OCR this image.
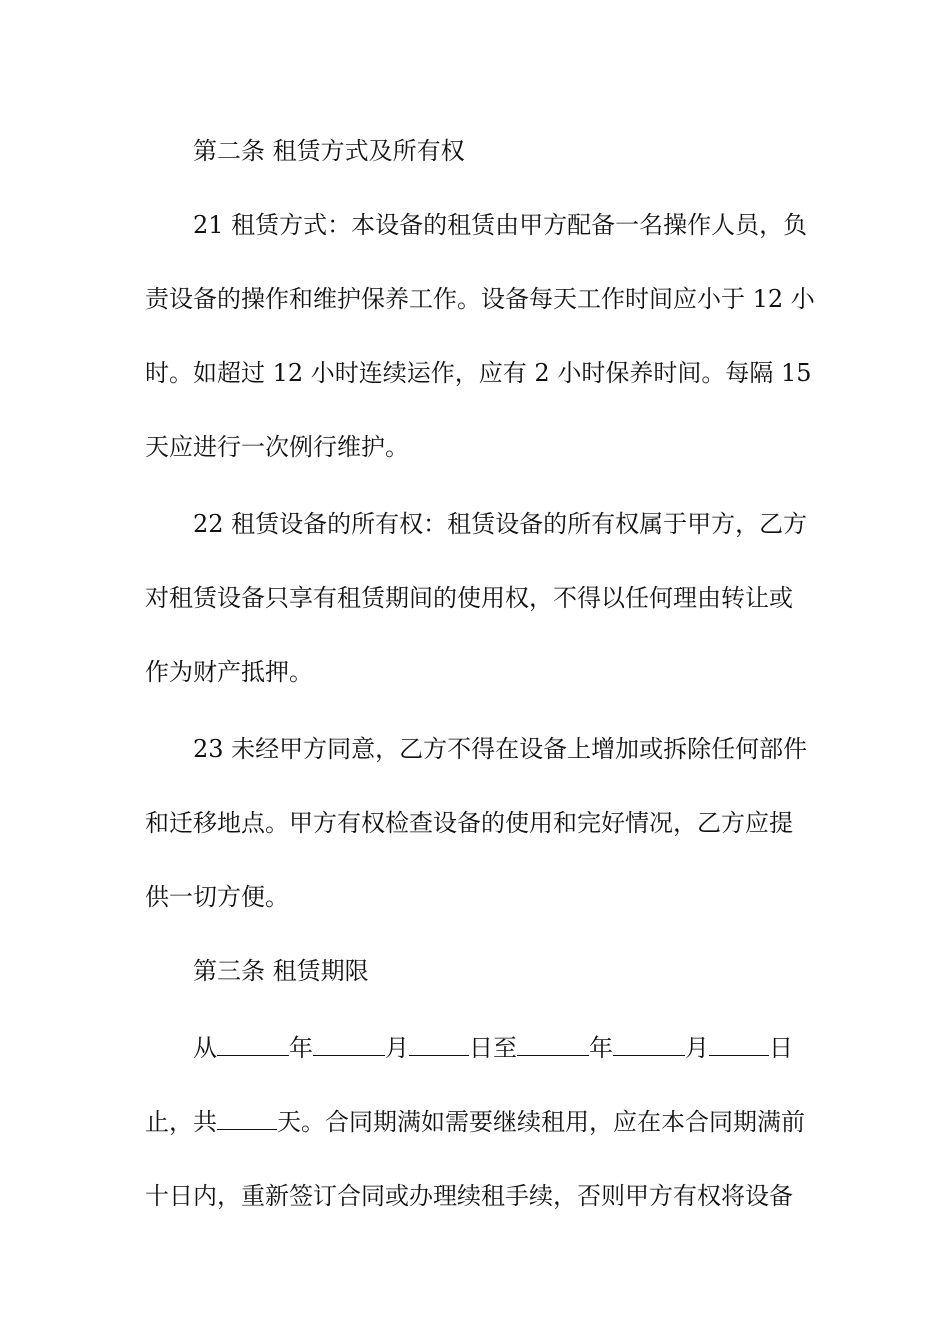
第二条 租赁方式及所有权
21 租赁方式：本设备的租赁由甲方配备一名操作人员，负
责设备的操作和维护保养工作。设备每天工作时间应小于 12 小
时。如超过 12 小时连续运作，应有 2 小时保养时间。每隔 15
天应进行一次例行维护。
22 租赁设备的所有权：租赁设备的所有权属于甲方，乙方
对租赁设备只享有租赁期间的使用权，不得以任何理由转让或
作为财产抵押。
23 未经甲方同意，乙方不得在设备上增加或拆除任何部件
和迁移地点。甲方有权检查设备的使用和完好情况，乙方应提
供一切方便。
第三条 租赁期限
从	年	月	日至	年	月	日
止，共	天。合同期满如需要继续租用，应在本合同期满前
十日内，重新签订合同或办理续租手续，否则甲方有权将设备
